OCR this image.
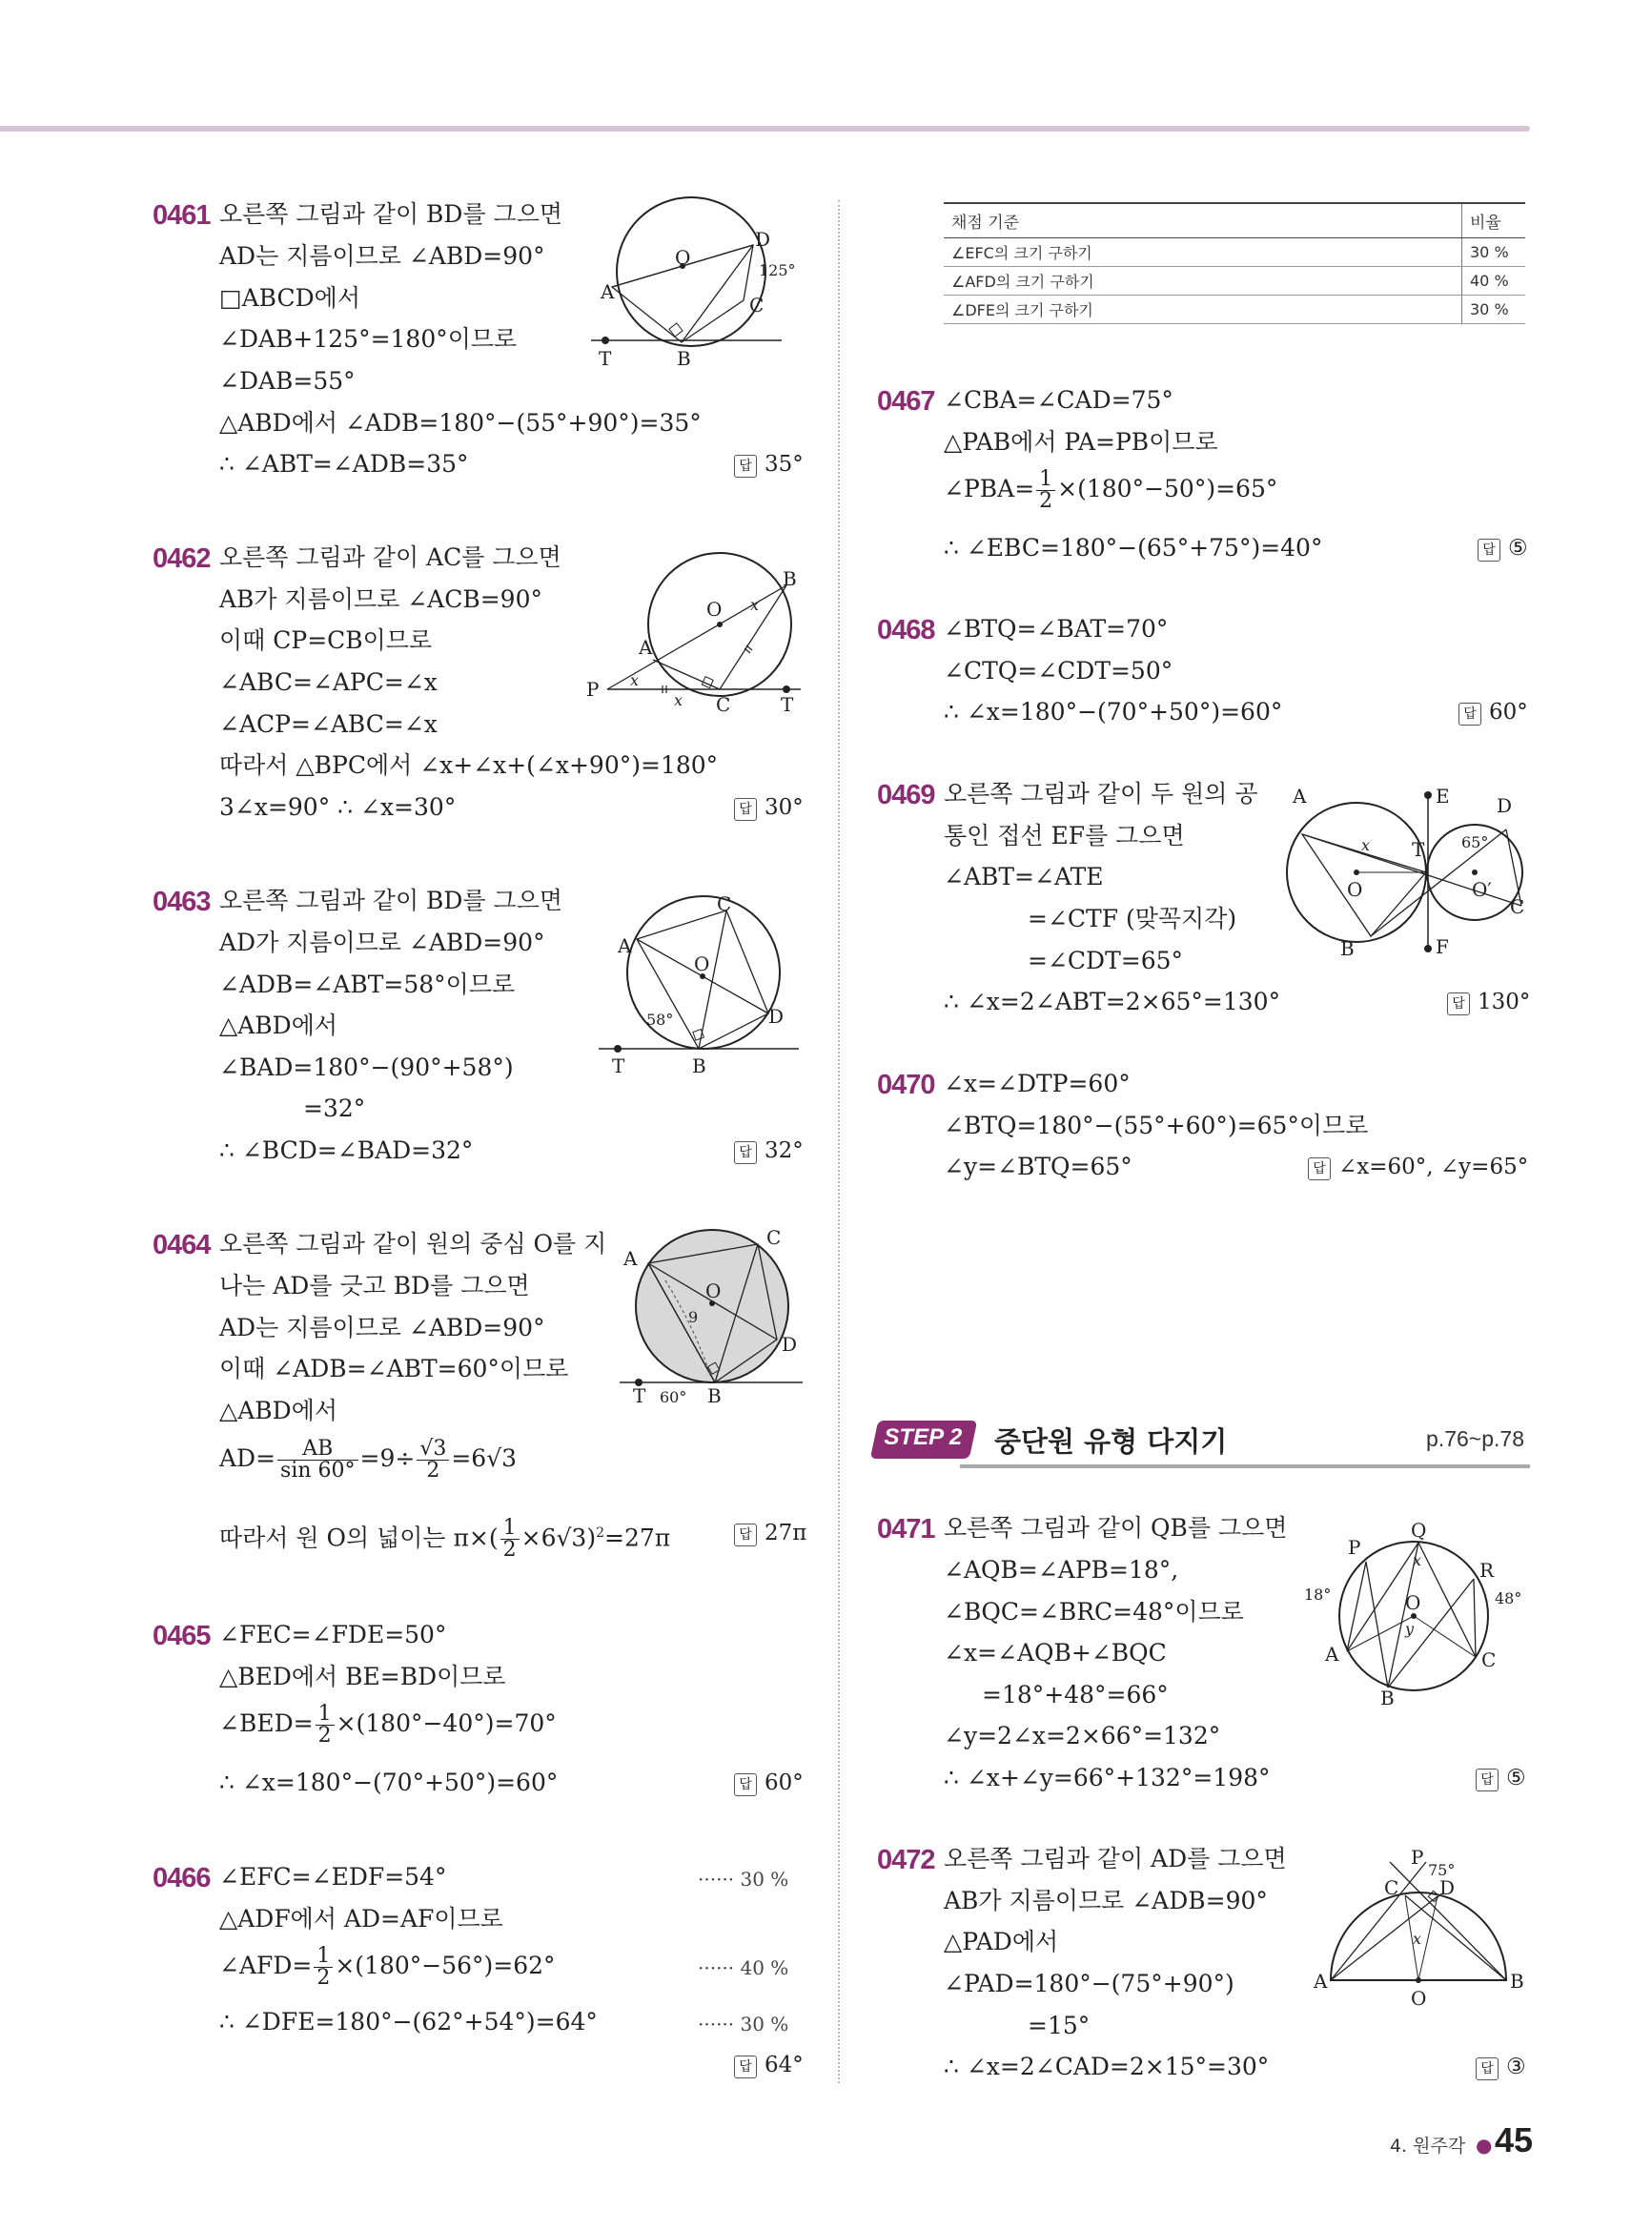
0461 오른쪽 그림과 같이 BD를 그으면
AD는 지름이므로 ∠ABD=90°
□ABCD에서
∠DAB+125°=180°이므로
∠DAB=55°
△ABD에서 ∠ADB=180°−(55°+90°)=35°
∴ ∠ABT=∠ADB=35°	답 35°
O
D
125°
A
C
T	B
0462 오른쪽 그림과 같이 AC를 그으면
AB가 지름이므로 ∠ACB=90°
이때 CP=CB이므로
∠ABC=∠APC=∠x
∠ACP=∠ABC=∠x
따라서 △BPC에서 ∠x+∠x+(∠x+90°)=180°
3∠x=90° ∴ ∠x=30°	답 30°
O
B
x
A
P x
x C	T
0463 오른쪽 그림과 같이 BD를 그으면
AD가 지름이므로 ∠ABD=90°
∠ADB=∠ABT=58°이므로
△ABD에서
∠BAD=180°−(90°+58°)
=32°
∴ ∠BCD=∠BAD=32°	답 32°
C
A
O
58°	D
T	B
0464 오른쪽 그림과 같이 원의 중심 O를 지
나는 AD를 긋고 BD를 그으면
AD는 지름이므로 ∠ABD=90°
이때 ∠ADB=∠ABT=60°이므로
△ABD에서
$AD= \frac{AB}{\sin 60^\circ} =9\div \frac{√3}{2} =6√3$
따라서 원 O의 넓이는 $\pi\times( \frac{1}{2} \times 6√3)^2=27\pi$	답 27π
C
A
O
9
D
T 60° B
0465 ∠FEC=∠FDE=50°
△BED에서 BE=BD이므로
∠BED= $\frac{1}{2} \times(180^\circ-40^\circ)=70^\circ$
∴ ∠x=180°−(70°+50°)=60°	답 60°
0466 ∠EFC=∠EDF=54°	······ 30 %
△ADF에서 AD=AF이므로
∠AFD= $\frac{1}{2} \times(180^\circ-56^\circ)=62^\circ$	······ 40 %
∴ ∠DFE=180°−(62°+54°)=64°	······ 30 %
답 64°
채점 기준	비율
∠EFC의 크기 구하기	30 %
∠AFD의 크기 구하기	40 %
∠DFE의 크기 구하기	30 %
0467 ∠CBA=∠CAD=75°
△PAB에서 PA=PB이므로
∠PBA= $\frac{1}{2} \times(180^\circ-50^\circ)=65^\circ$
∴ ∠EBC=180°−(65°+75°)=40°	답 ⑤
0468 ∠BTQ=∠BAT=70°
∠CTQ=∠CDT=50°
∴ ∠x=180°−(70°+50°)=60°	답 60°
0469 오른쪽 그림과 같이 두 원의 공
통인 접선 EF를 그으면
∠ABT=∠ATE
=∠CTF (맞꼭지각)
=∠CDT=65°
∴ ∠x=2∠ABT=2×65°=130°	답 130°
A	E D
x T 65°
O	O′
C
B	F
0470 ∠x=∠DTP=60°
∠BTQ=180°−(55°+60°)=65°이므로
∠y=∠BTQ=65°	답 ∠x=60°, ∠y=65°
STEP 2 중단원 유형 다지기	p.76~p.78
0471 오른쪽 그림과 같이 QB를 그으면
∠AQB=∠APB=18°,
∠BQC=∠BRC=48°이므로
∠x=∠AQB+∠BQC
=18°+48°=66°
∠y=2∠x=2×66°=132°
∴ ∠x+∠y=66°+132°=198°	답 ⑤
Q
P
R
x
18°	O	48°
y
A	C
B
0472 오른쪽 그림과 같이 AD를 그으면
AB가 지름이므로 ∠ADB=90°
△PAD에서
∠PAD=180°−(75°+90°)
=15°
∴ ∠x=2∠CAD=2×15°=30°	답 ③
P
75°
C D
x
A
O
B
4. 원주각 ● 45
